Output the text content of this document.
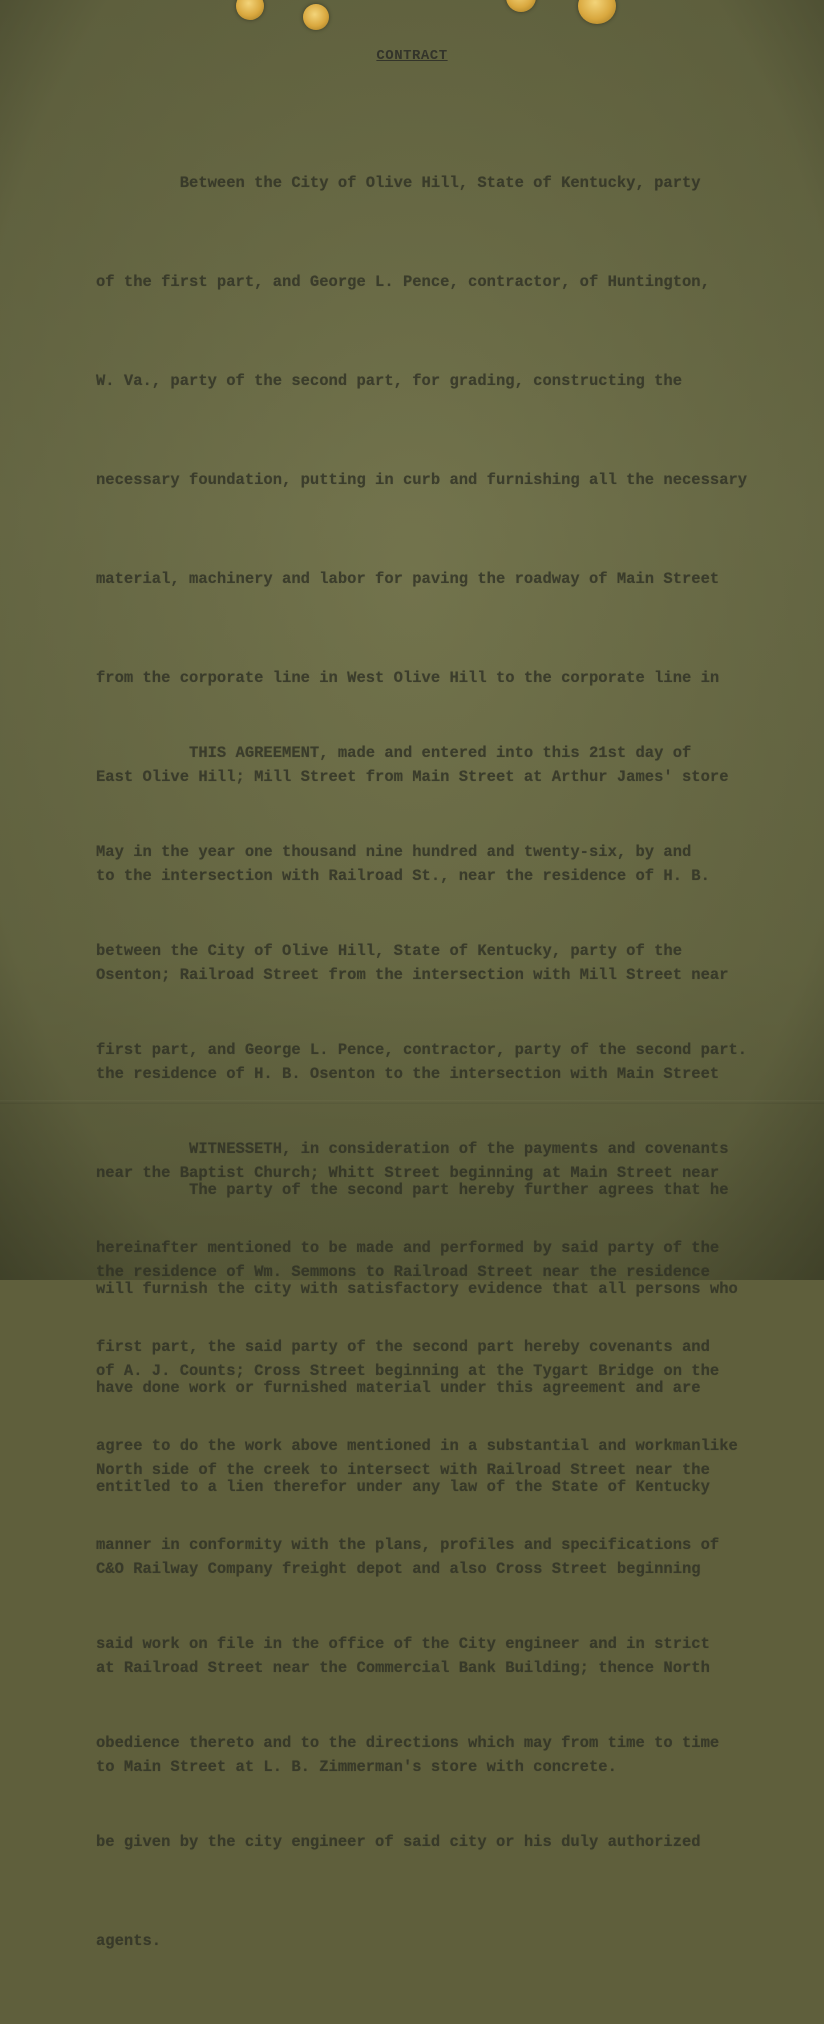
CONTRACT

Between the City of Olive Hill, State of Kentucky, party

of the first part, and George L. Pence, contractor, of Huntington,

W. Va., party of the second part, for grading, constructing the

necessary foundation, putting in curb and furnishing all the necessary

material, machinery and labor for paving the roadway of Main Street

from the corporate line in West Olive Hill to the corporate line in

East Olive Hill; Mill Street from Main Street at Arthur James' store

to the intersection with Railroad St., near the residence of H. B.

Osenton; Railroad Street from the intersection with Mill Street near

the residence of H. B. Osenton to the intersection with Main Street

near the Baptist Church; Whitt Street beginning at Main Street near

the residence of Wm. Semmons to Railroad Street near the residence

of A. J. Counts; Cross Street beginning at the Tygart Bridge on the

North side of the creek to intersect with Railroad Street near the

C&O Railway Company freight depot and also Cross Street beginning

at Railroad Street near the Commercial Bank Building; thence North

to Main Street at L. B. Zimmerman's store with concrete.

THIS AGREEMENT, made and entered into this 21st day of

May in the year one thousand nine hundred and twenty-six, by and

between the City of Olive Hill, State of Kentucky, party of the

first part, and George L. Pence, contractor, party of the second part.

WITNESSETH, in consideration of the payments and covenants

hereinafter mentioned to be made and performed by said party of the

first part, the said party of the second part hereby covenants and

agree to do the work above mentioned in a substantial and workmanlike

manner in conformity with the plans, profiles and specifications of

said work on file in the office of the City engineer and in strict

obedience thereto and to the directions which may from time to time

be given by the city engineer of said city or his duly authorized

agents.

The party of the second part hereby further agrees that he

will furnish the city with satisfactory evidence that all persons who

have done work or furnished material under this agreement and are

entitled to a lien therefor under any law of the State of Kentucky
